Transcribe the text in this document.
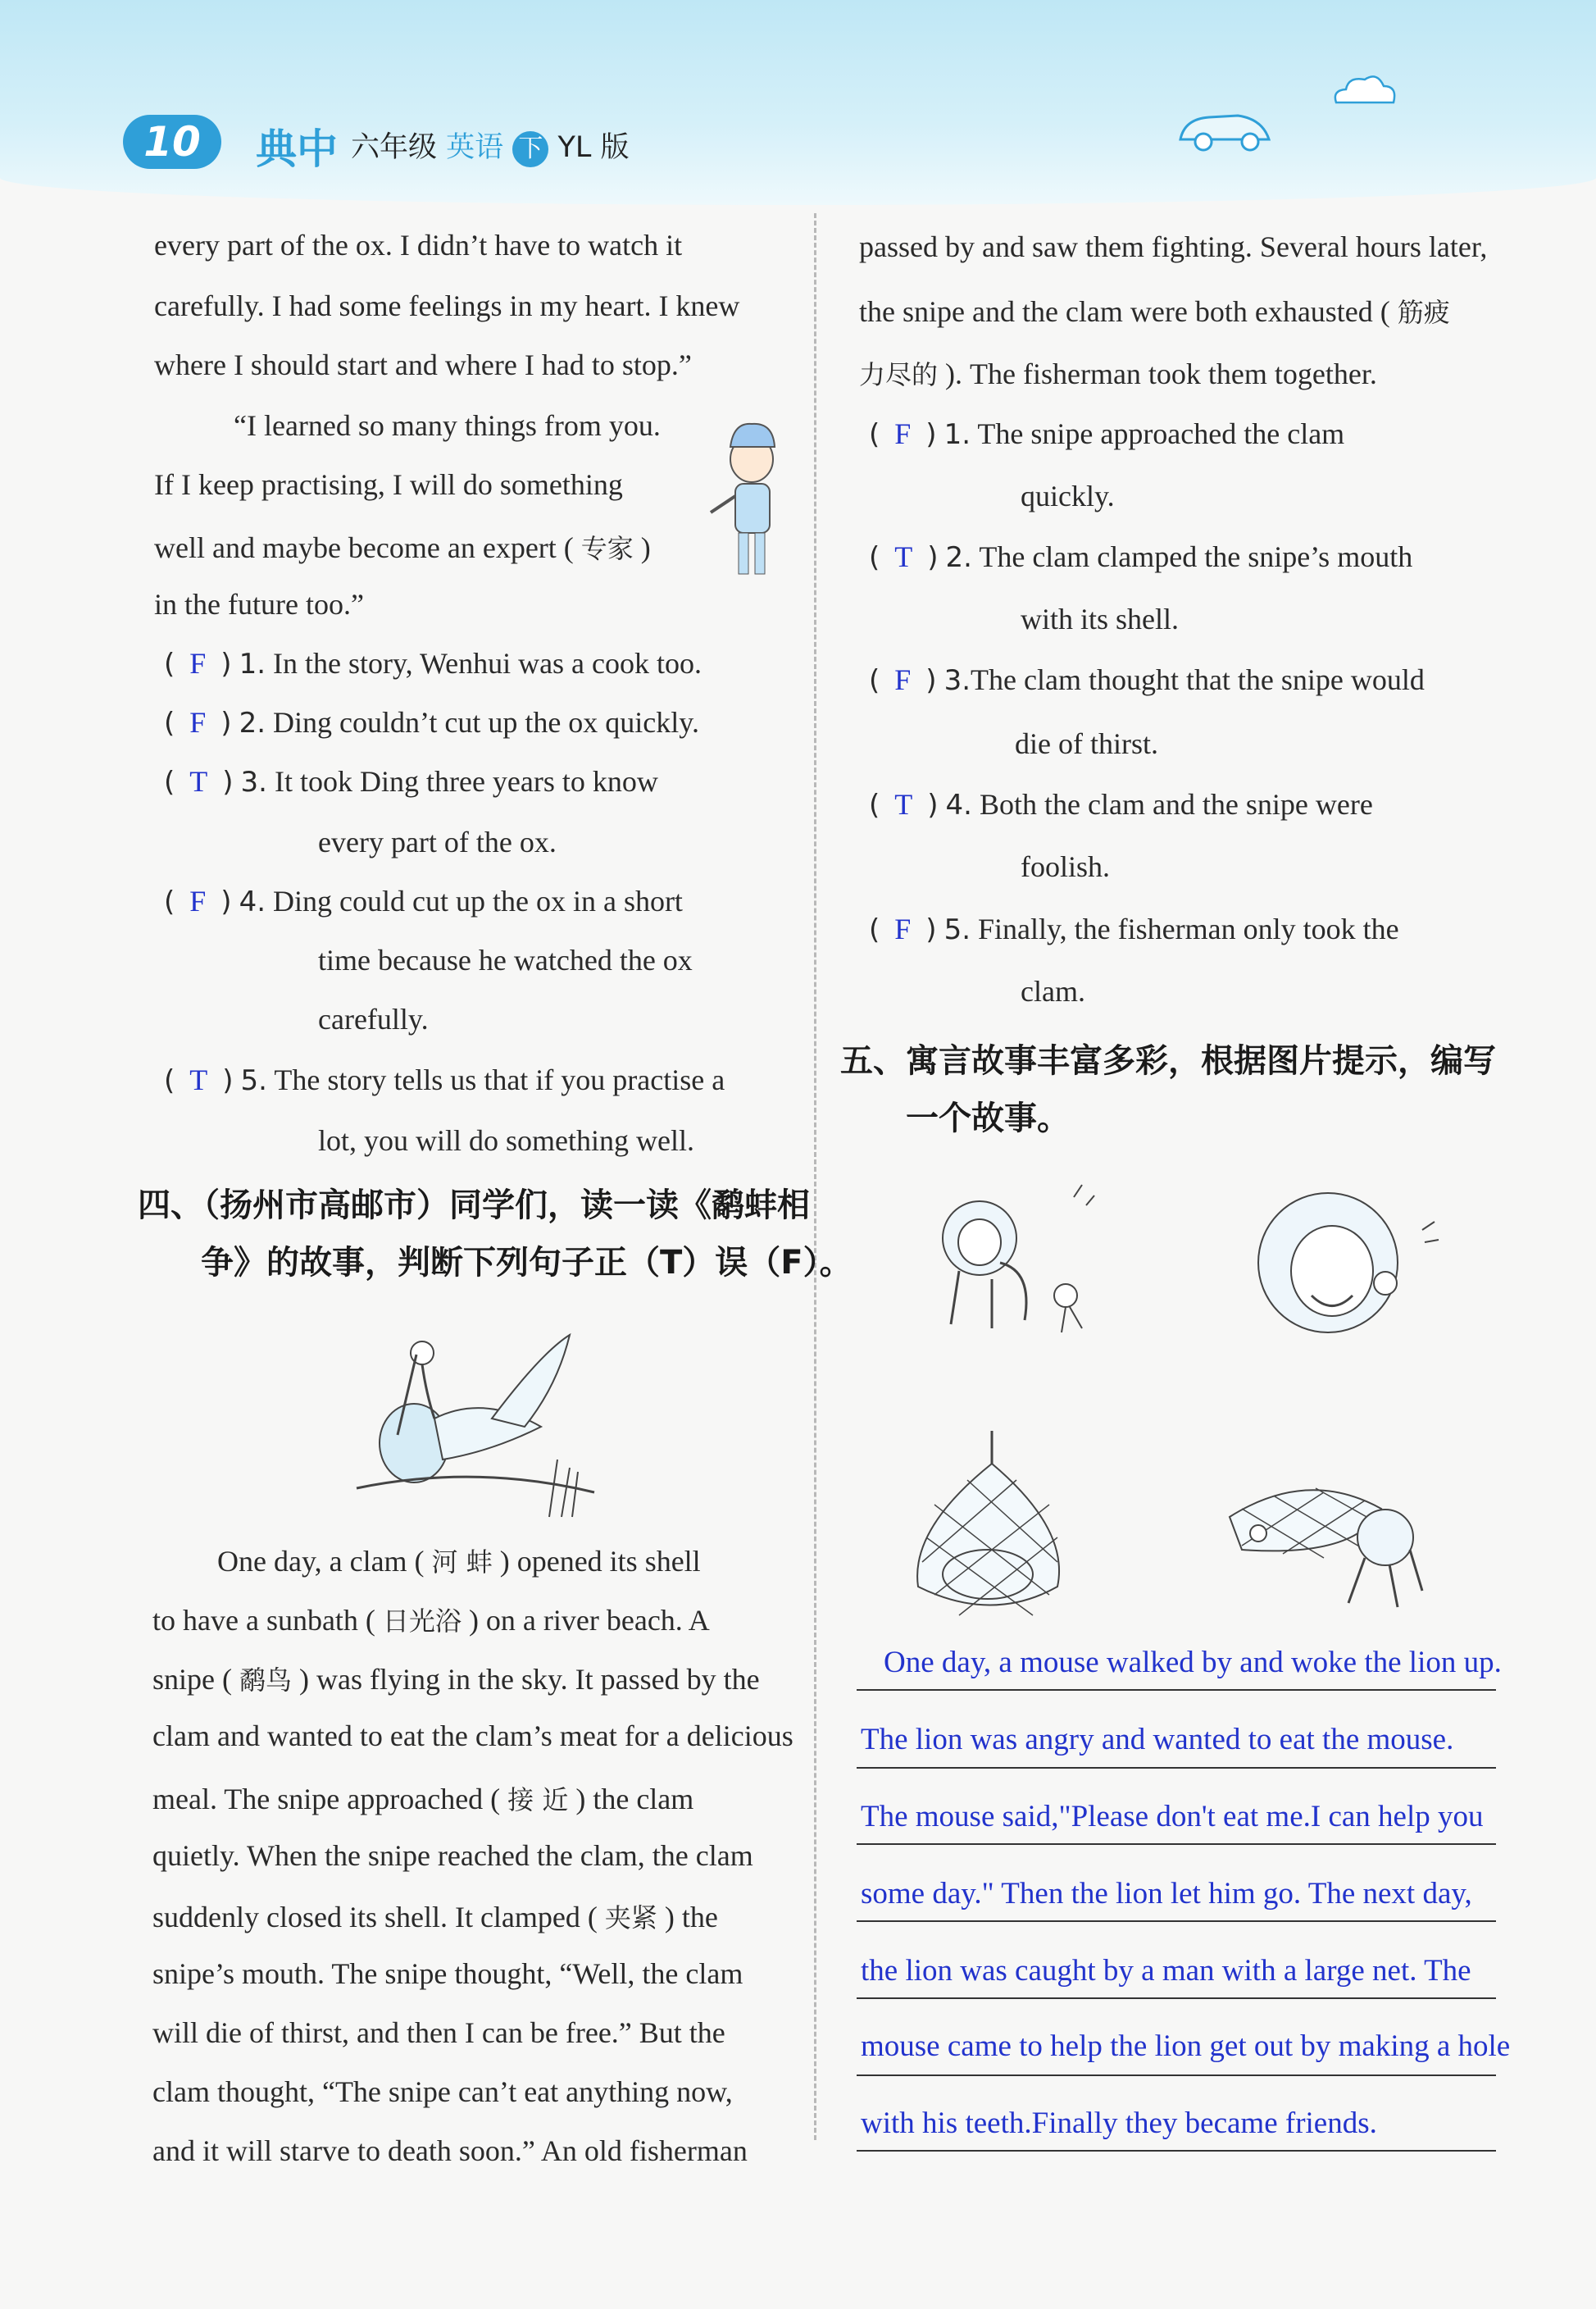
10	典中 六年级 英语 下 YL 版

every part of the ox. I didn’t have to watch it

carefully. I had some feelings in my heart. I knew

where I should start and where I had to stop.”

“I learned so many things from you.

If I keep practising, I will do something

well and maybe become an expert ( 专家 )

in the future too.”

( F ) 1. In the story, Wenhui was a cook too.

( F ) 2. Ding couldn’t cut up the ox quickly.

( T ) 3. It took Ding three years to know

every part of the ox.

( F ) 4. Ding could cut up the ox in a short

time because he watched the ox

carefully.

( T ) 5. The story tells us that if you practise a

lot, you will do something well.

四、（扬州市高邮市）同学们，读一读《鹬蚌相

争》的故事，判断下列句子正（T）误（F）。

One day, a clam ( 河 蚌 ) opened its shell

to have a sunbath ( 日光浴 ) on a river beach. A

snipe ( 鹬鸟 ) was flying in the sky. It passed by the

clam and wanted to eat the clam’s meat for a delicious

meal. The snipe approached ( 接 近 ) the clam

quietly. When the snipe reached the clam, the clam

suddenly closed its shell. It clamped ( 夹紧 ) the

snipe’s mouth. The snipe thought, “Well, the clam

will die of thirst, and then I can be free.” But the

clam thought, “The snipe can’t eat anything now,

and it will starve to death soon.” An old fisherman

passed by and saw them fighting. Several hours later,

the snipe and the clam were both exhausted ( 筋疲

力尽的 ). The fisherman took them together.

( F ) 1. The snipe approached the clam

quickly.

( T ) 2. The clam clamped the snipe’s mouth

with its shell.

( F ) 3.The clam thought that the snipe would

die of thirst.

( T ) 4. Both the clam and the snipe were

foolish.

( F ) 5. Finally, the fisherman only took the

clam.

五、寓言故事丰富多彩，根据图片提示，编写

一个故事。

One day, a mouse walked by and woke the lion up.

The lion was angry and wanted to eat the mouse.

The mouse said,"Please don't eat me.I can help you

some day." Then the lion let him go. The next day,

the lion was caught by a man with a large net. The

mouse came to help the lion get out by making a hole

with his teeth.Finally they became friends.
